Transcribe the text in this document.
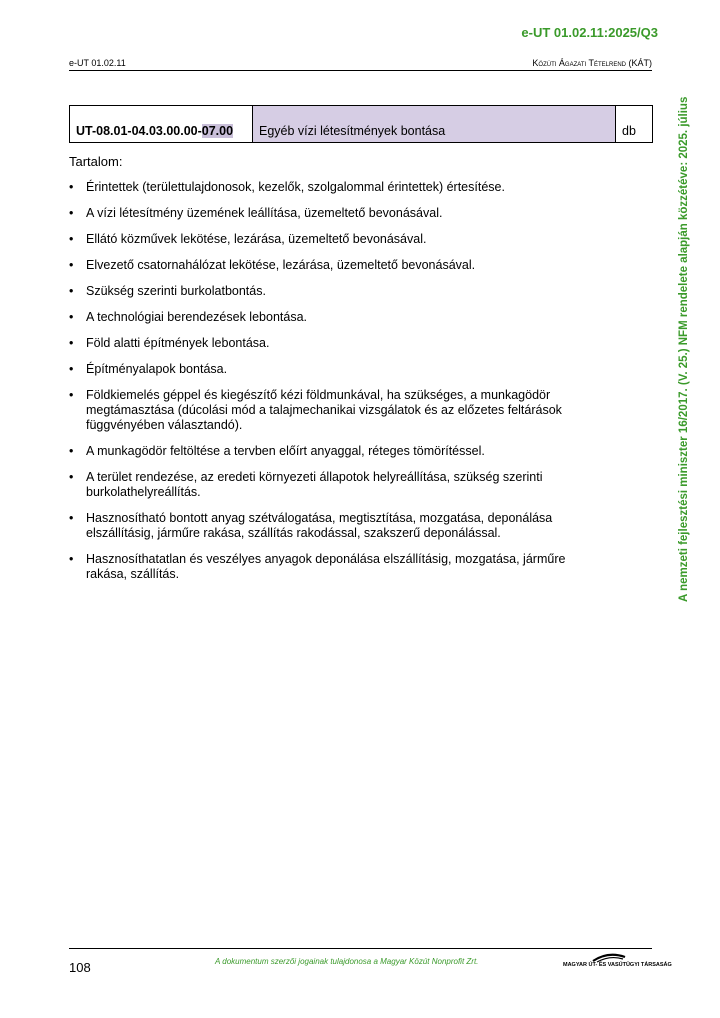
e-UT 01.02.11:2025/Q3
e-UT 01.02.11	Közúti Ágazati Tételrend (KÁT)
A nemzeti fejlesztési miniszter 16/2017. (V. 25.) NFM rendelete alapján közzétéve: 2025. július
UT-08.01-04.03.00.00-07.00	Egyéb vízi létesítmények bontása	db
Tartalom:
• Érintettek (területtulajdonosok, kezelők, szolgalommal érintettek) értesítése.
• A vízi létesítmény üzemének leállítása, üzemeltető bevonásával.
• Ellátó közművek lekötése, lezárása, üzemeltető bevonásával.
• Elvezető csatornahálózat lekötése, lezárása, üzemeltető bevonásával.
• Szükség szerinti burkolatbontás.
• A technológiai berendezések lebontása.
• Föld alatti építmények lebontása.
• Építményalapok bontása.
• Földkiemelés géppel és kiegészítő kézi földmunkával, ha szükséges, a munkagödör megtámasztása (dúcolási mód a talajmechanikai vizsgálatok és az előzetes feltárások függvényében választandó).
• A munkagödör feltöltése a tervben előírt anyaggal, réteges tömörítéssel.
• A terület rendezése, az eredeti környezeti állapotok helyreállítása, szükség szerinti burkolathelyreállítás.
• Hasznosítható bontott anyag szétválogatása, megtisztítása, mozgatása, deponálása elszállításig, járműre rakása, szállítás rakodással, szakszerű deponálással.
• Hasznosíthatatlan és veszélyes anyagok deponálása elszállításig, mozgatása, járműre rakása, szállítás.
108	A dokumentum szerzői jogainak tulajdonosa a Magyar Közút Nonprofit Zrt.	MAGYAR ÚT- ÉS VASÚTÜGYI TÁRSASÁG
